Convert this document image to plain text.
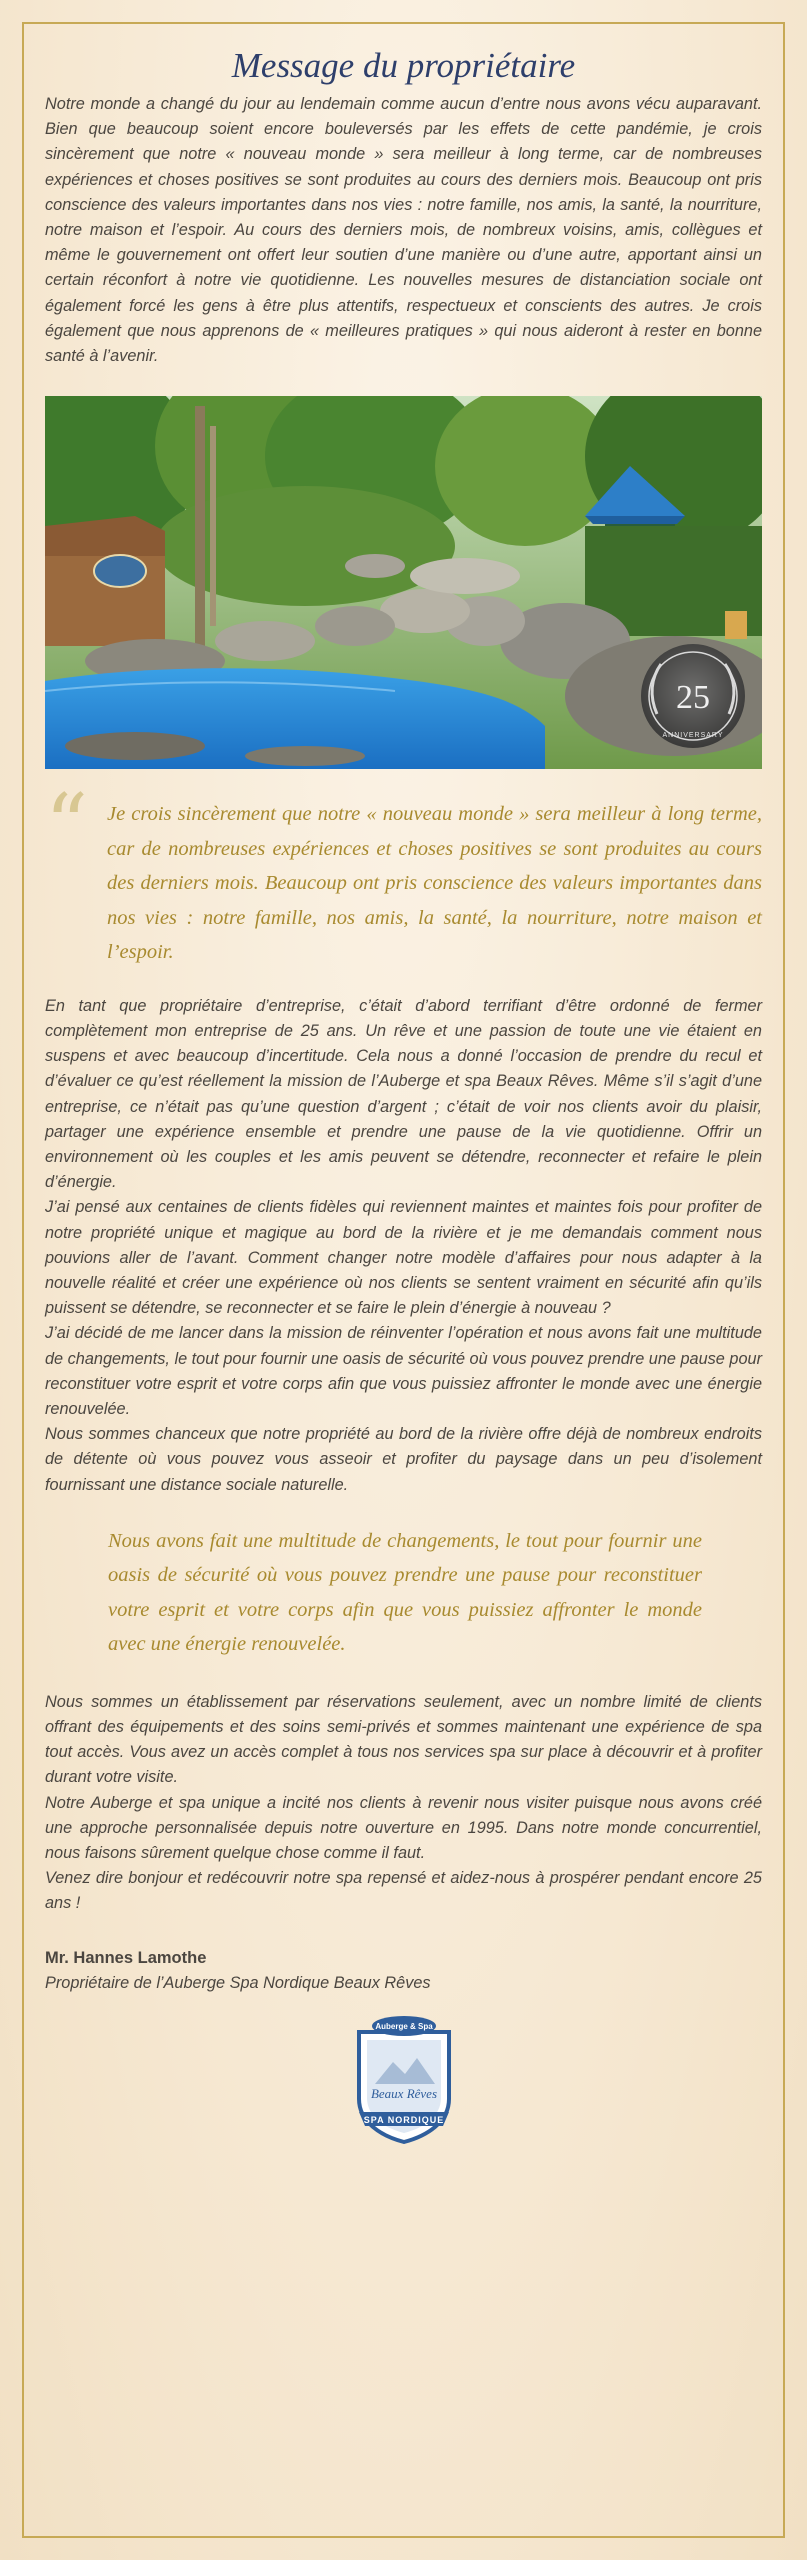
Message du propriétaire

Notre monde a changé du jour au lendemain comme aucun d’entre nous avons vécu auparavant. Bien que beaucoup soient encore bouleversés par les effets de cette pandémie, je crois sincèrement que notre « nouveau monde » sera meilleur à long terme, car de nombreuses expériences et choses positives se sont produites au cours des derniers mois. Beaucoup ont pris conscience des valeurs importantes dans nos vies : notre famille, nos amis, la santé, la nourriture, notre maison et l’espoir. Au cours des derniers mois, de nombreux voisins, amis, collègues et même le gouvernement ont offert leur soutien d’une manière ou d’une autre, apportant ainsi un certain réconfort à notre vie quotidienne. Les nouvelles mesures de distanciation sociale ont également forcé les gens à être plus attentifs, respectueux et conscients des autres. Je crois également que nous apprenons de « meilleures pratiques » qui nous aideront à rester en bonne santé à l’avenir.

25
ANNIVERSARY
“ Je crois sincèrement que notre « nouveau monde » sera meilleur à long terme, car de nombreuses expériences et choses positives se sont produites au cours des derniers mois. Beaucoup ont pris conscience des valeurs importantes dans nos vies : notre famille, nos amis, la santé, la nourriture, notre maison et l’espoir.

En tant que propriétaire d’entreprise, c’était d’abord terrifiant d’être ordonné de fermer complètement mon entreprise de 25 ans. Un rêve et une passion de toute une vie étaient en suspens et avec beaucoup d’incertitude. Cela nous a donné l’occasion de prendre du recul et d’évaluer ce qu’est réellement la mission de l’Auberge et spa Beaux Rêves. Même s’il s’agit d’une entreprise, ce n’était pas qu’une question d’argent ; c’était de voir nos clients avoir du plaisir, partager une expérience ensemble et prendre une pause de la vie quotidienne. Offrir un environnement où les couples et les amis peuvent se détendre, reconnecter et refaire le plein d’énergie.

J’ai pensé aux centaines de clients fidèles qui reviennent maintes et maintes fois pour profiter de notre propriété unique et magique au bord de la rivière et je me demandais comment nous pouvions aller de l’avant. Comment changer notre modèle d’affaires pour nous adapter à la nouvelle réalité et créer une expérience où nos clients se sentent vraiment en sécurité afin qu’ils puissent se détendre, se reconnecter et se faire le plein d’énergie à nouveau ?

J’ai décidé de me lancer dans la mission de réinventer l’opération et nous avons fait une multitude de changements, le tout pour fournir une oasis de sécurité où vous pouvez prendre une pause pour reconstituer votre esprit et votre corps afin que vous puissiez affronter le monde avec une énergie renouvelée.

Nous sommes chanceux que notre propriété au bord de la rivière offre déjà de nombreux endroits de détente où vous pouvez vous asseoir et profiter du paysage dans un peu d’isolement fournissant une distance sociale naturelle.

Nous avons fait une multitude de changements, le tout pour fournir une oasis de sécurité où vous pouvez prendre une pause pour reconstituer votre esprit et votre corps afin que vous puissiez affronter le monde avec une énergie renouvelée.

Nous sommes un établissement par réservations seulement, avec un nombre limité de clients offrant des équipements et des soins semi-privés et sommes maintenant une expérience de spa tout accès. Vous avez un accès complet à tous nos services spa sur place à découvrir et à profiter durant votre visite.

Notre Auberge et spa unique a incité nos clients à revenir nous visiter puisque nous avons créé une approche personnalisée depuis notre ouverture en 1995. Dans notre monde concurrentiel, nous faisons sûrement quelque chose comme il faut.

Venez dire bonjour et redécouvrir notre spa repensé et aidez-nous à prospérer pendant encore 25 ans !

Mr. Hannes Lamothe
Propriétaire de l’Auberge Spa Nordique Beaux Rêves
Auberge & Spa
Beaux Rêves
SPA NORDIQUE
